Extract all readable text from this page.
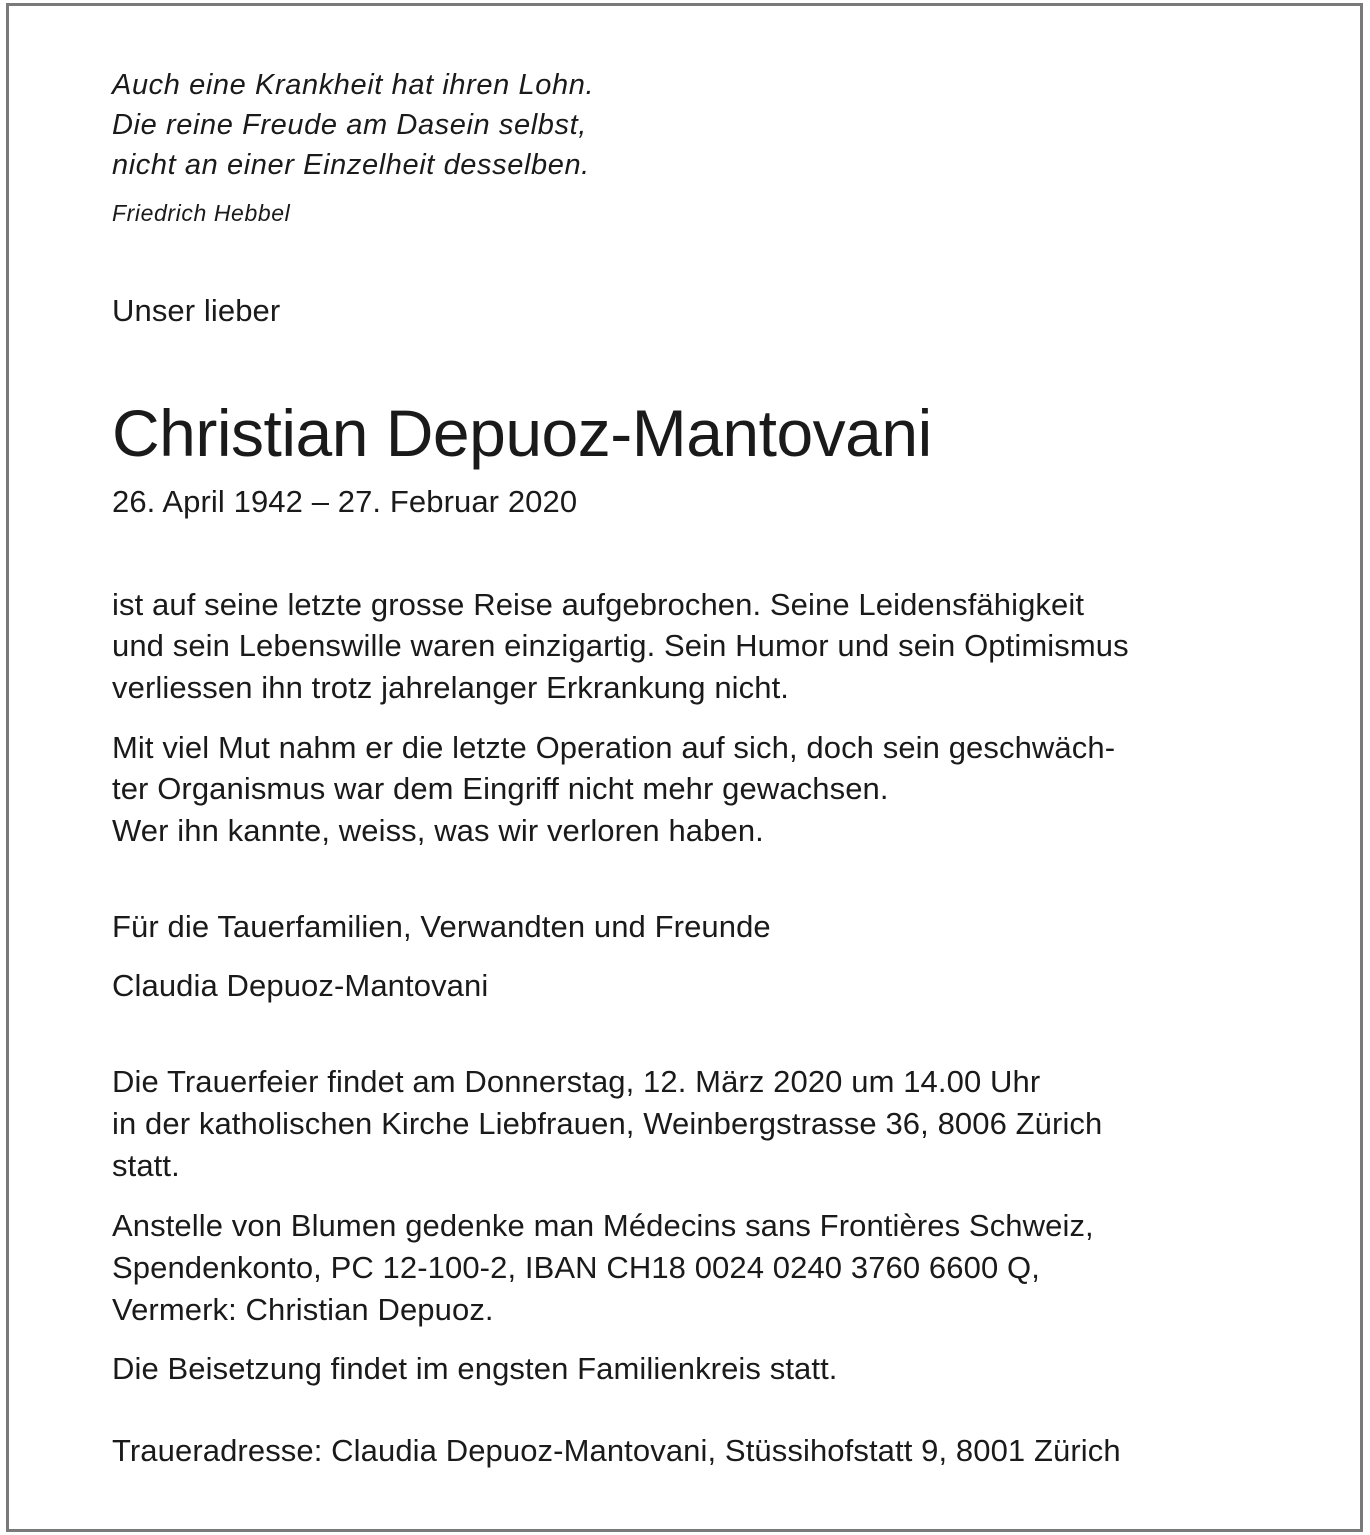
Auch eine Krankheit hat ihren Lohn.
Die reine Freude am Dasein selbst,
nicht an einer Einzelheit desselben.
Friedrich Hebbel
Unser lieber
Christian Depuoz-Mantovani
26. April 1942 – 27. Februar 2020
ist auf seine letzte grosse Reise aufgebrochen. Seine Leidensfähigkeit
und sein Lebenswille waren einzigartig. Sein Humor und sein Optimismus
verliessen ihn trotz jahrelanger Erkrankung nicht.
Mit viel Mut nahm er die letzte Operation auf sich, doch sein geschwäch-
ter Organismus war dem Eingriff nicht mehr gewachsen.
Wer ihn kannte, weiss, was wir verloren haben.
Für die Tauerfamilien, Verwandten und Freunde
Claudia Depuoz-Mantovani
Die Trauerfeier findet am Donnerstag, 12. März 2020 um 14.00 Uhr
in der katholischen Kirche Liebfrauen, Weinbergstrasse 36, 8006 Zürich
statt.
Anstelle von Blumen gedenke man Médecins sans Frontières Schweiz,
Spendenkonto, PC 12-100-2, IBAN CH18 0024 0240 3760 6600 Q,
Vermerk: Christian Depuoz.
Die Beisetzung findet im engsten Familienkreis statt.
Traueradresse: Claudia Depuoz-Mantovani, Stüssihofstatt 9, 8001 Zürich
